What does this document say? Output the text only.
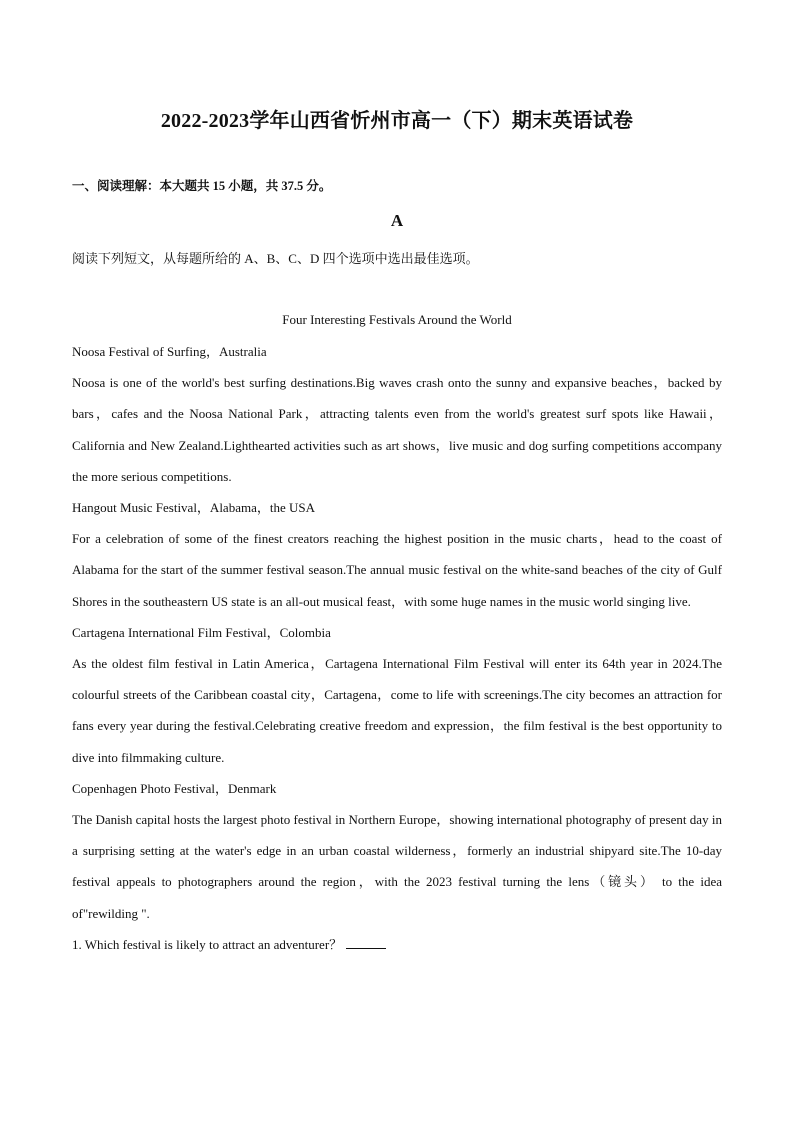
2022-2023学年山西省忻州市高一（下）期末英语试卷
一、阅读理解：本大题共 15 小题，共 37.5 分。
A
阅读下列短文，从每题所给的 A、B、C、D 四个选项中选出最佳选项。
Four Interesting Festivals Around the World

Noosa Festival of Surfing，Australia

Noosa is one of the world's best surfing destinations.Big waves crash onto the sunny and expansive beaches，backed by bars，cafes and the Noosa National Park，attracting talents even from the world's greatest surf spots like Hawaii，California and New Zealand.Lighthearted activities such as art shows，live music and dog surfing competitions accompany the more serious competitions.

Hangout Music Festival，Alabama，the USA

For a celebration of some of the finest creators reaching the highest position in the music charts，head to the coast of Alabama for the start of the summer festival season.The annual music festival on the white-sand beaches of the city of Gulf Shores in the southeastern US state is an all-out musical feast，with some huge names in the music world singing live.

Cartagena International Film Festival，Colombia

As the oldest film festival in Latin America，Cartagena International Film Festival will enter its 64th year in 2024.The colourful streets of the Caribbean coastal city，Cartagena，come to life with screenings.The city becomes an attraction for fans every year during the festival.Celebrating creative freedom and expression，the film festival is the best opportunity to dive into filmmaking culture.

Copenhagen Photo Festival，Denmark

The Danish capital hosts the largest photo festival in Northern Europe，showing international photography of present day in a surprising setting at the water's edge in an urban coastal wilderness，formerly an industrial shipyard site.The 10-day festival appeals to photographers around the region，with the 2023 festival turning the lens（镜头） to the idea of"rewilding ".

1. Which festival is likely to attract an adventurer？
